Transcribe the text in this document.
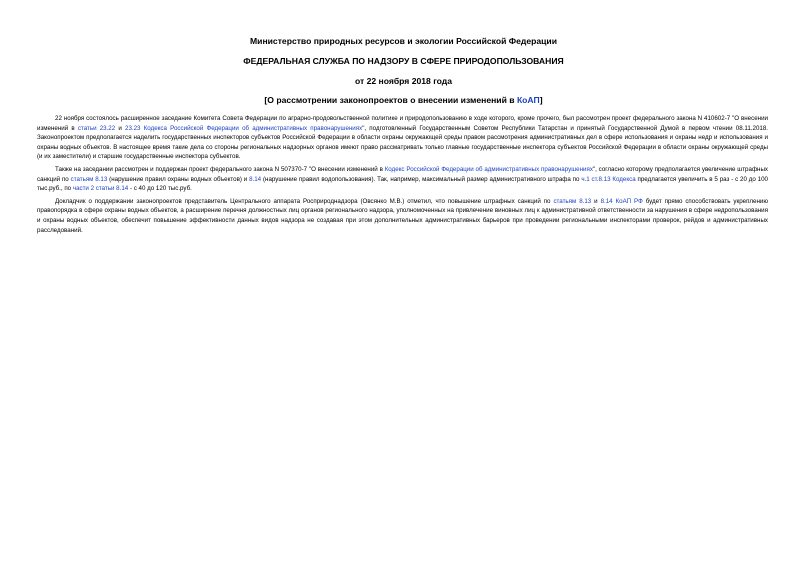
Министерство природных ресурсов и экологии Российской Федерации
ФЕДЕРАЛЬНАЯ СЛУЖБА ПО НАДЗОРУ В СФЕРЕ ПРИРОДОПОЛЬЗОВАНИЯ
от 22 ноября 2018 года
[О рассмотрении законопроектов о внесении изменений в КоАП]

22 ноября состоялось расширенное заседание Комитета Совета Федерации по аграрно-продовольственной политике и природопользованию в ходе которого, кроме прочего, был рассмотрен проект федерального закона N 410602-7 "О внесении изменений в статьи 23.22 и 23.23 Кодекса Российской Федерации об административных правонарушениях", подготовленный Государственным Советом Республики Татарстан и принятый Государственной Думой в первом чтении 08.11.2018. Законопроектом предполагается наделить государственных инспекторов субъектов Российской Федерации в области охраны окружающей среды правом рассмотрения административных дел в сфере использования и охраны недр и использования и охраны водных объектов. В настоящее время такие дела со стороны региональных надзорных органов имеют право рассматривать только главные государственные инспектора субъектов Российской Федерации в области охраны окружающей среды (и их заместители) и старшие государственные инспектора субъектов.

Также на заседании рассмотрен и поддержан проект федерального закона N 507370-7 "О внесении изменений в Кодекс Российской Федерации об административных правонарушениях", согласно которому предполагается увеличение штрафных санкций по статьям 8.13 (нарушение правил охраны водных объектов) и 8.14 (нарушение правил водопользования). Так, например, максимальный размер административного штрафа по ч.1 ст.8.13 Кодекса предлагается увеличить в 5 раз - с 20 до 100 тыс.руб., по части 2 статьи 8.14 - с 40 до 120 тыс.руб.

Докладчик о поддержании законопроектов представитель Центрального аппарата Росприроднадзора (Овсянко М.В.) отметил, что повышение штрафных санкций по статьям 8.13 и 8.14 КоАП РФ будет прямо способствовать укреплению правопорядка в сфере охраны водных объектов, а расширение перечня должностных лиц органов регионального надзора, уполномоченных на привлечение виновных лиц к административной ответственности за нарушения в сфере недропользования и охраны водных объектов, обеспечит повышение эффективности данных видов надзора не создавая при этом дополнительных административных барьеров при проведении региональными инспекторами проверок, рейдов и административных расследований.
